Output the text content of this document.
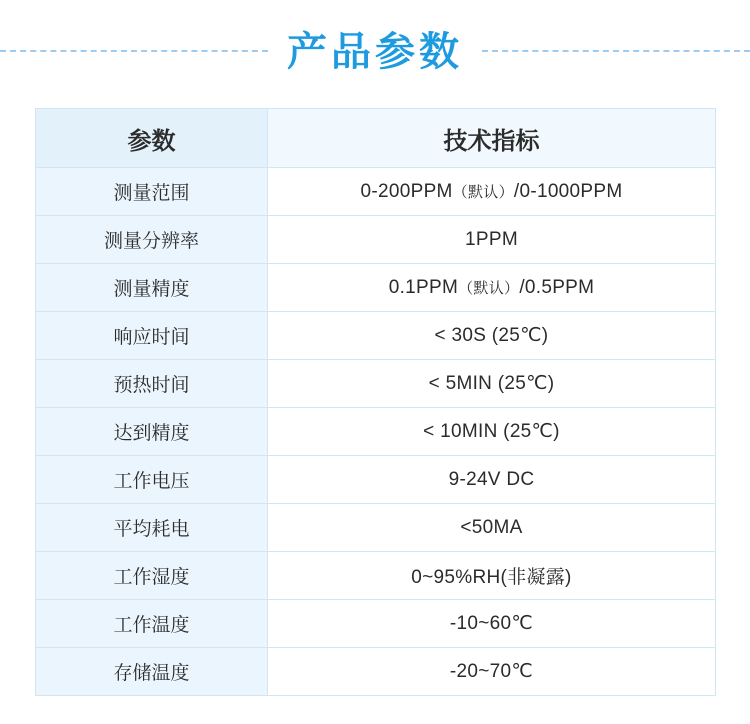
产品参数
参数	技术指标
测量范围	0-200PPM（默认）/0-1000PPM
测量分辨率	1PPM
测量精度	0.1PPM（默认）/0.5PPM
响应时间	< 30S (25℃)
预热时间	< 5MIN (25℃)
达到精度	< 10MIN (25℃)
工作电压	9-24V DC
平均耗电	<50MA
工作湿度	0~95%RH(非凝露)
工作温度	-10~60℃
存储温度	-20~70℃
